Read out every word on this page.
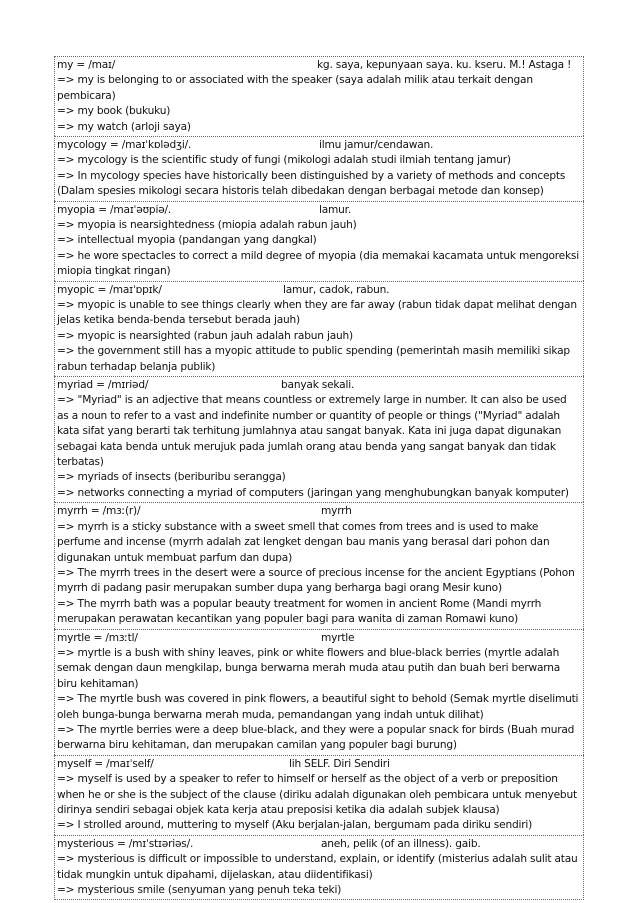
my = /maɪ/	kg. saya, kepunyaan saya. ku. kseru. M.! Astaga !
=> my is belonging to or associated with the speaker (saya adalah milik atau terkait dengan pembicara)
=> my book (bukuku)
=> my watch (arloji saya)
mycology = /maɪˈkɒlədʒi/.	ilmu jamur/cendawan.
=> mycology is the scientific study of fungi (mikologi adalah studi ilmiah tentang jamur)
=> In mycology species have historically been distinguished by a variety of methods and concepts (Dalam spesies mikologi secara historis telah dibedakan dengan berbagai metode dan konsep)
myopia = /maɪˈəʊpiə/.	lamur.
=> myopia is nearsightedness (miopia adalah rabun jauh)
=> intellectual myopia (pandangan yang dangkal)
=> he wore spectacles to correct a mild degree of myopia (dia memakai kacamata untuk mengoreksi miopia tingkat ringan)
myopic = /maɪˈɒpɪk/	lamur, cadok, rabun.
=> myopic is unable to see things clearly when they are far away (rabun tidak dapat melihat dengan jelas ketika benda-benda tersebut berada jauh)
=> myopic is nearsighted (rabun jauh adalah rabun jauh)
=> the government still has a myopic attitude to public spending (pemerintah masih memiliki sikap rabun terhadap belanja publik)
myriad = /mɪriəd/	banyak sekali.
=> "Myriad" is an adjective that means countless or extremely large in number. It can also be used as a noun to refer to a vast and indefinite number or quantity of people or things ("Myriad" adalah kata sifat yang berarti tak terhitung jumlahnya atau sangat banyak. Kata ini juga dapat digunakan sebagai kata benda untuk merujuk pada jumlah orang atau benda yang sangat banyak dan tidak terbatas)
=> myriads of insects (beriburibu serangga)
=> networks connecting a myriad of computers (jaringan yang menghubungkan banyak komputer)
myrrh = /mɜː(r)/	myrrh
=> myrrh is a sticky substance with a sweet smell that comes from trees and is used to make perfume and incense (myrrh adalah zat lengket dengan bau manis yang berasal dari pohon dan digunakan untuk membuat parfum dan dupa)
=> The myrrh trees in the desert were a source of precious incense for the ancient Egyptians (Pohon myrrh di padang pasir merupakan sumber dupa yang berharga bagi orang Mesir kuno)
=> The myrrh bath was a popular beauty treatment for women in ancient Rome (Mandi myrrh merupakan perawatan kecantikan yang populer bagi para wanita di zaman Romawi kuno)
myrtle = /mɜːtl/	myrtle
=> myrtle is a bush with shiny leaves, pink or white flowers and blue-black berries (myrtle adalah semak dengan daun mengkilap, bunga berwarna merah muda atau putih dan buah beri berwarna biru kehitaman)
=> The myrtle bush was covered in pink flowers, a beautiful sight to behold (Semak myrtle diselimuti oleh bunga-bunga berwarna merah muda, pemandangan yang indah untuk dilihat)
=> The myrtle berries were a deep blue-black, and they were a popular snack for birds (Buah murad berwarna biru kehitaman, dan merupakan camilan yang populer bagi burung)
myself = /maɪˈself/	lih SELF. Diri Sendiri
=> myself is used by a speaker to refer to himself or herself as the object of a verb or preposition when he or she is the subject of the clause (diriku adalah digunakan oleh pembicara untuk menyebut dirinya sendiri sebagai objek kata kerja atau preposisi ketika dia adalah subjek klausa)
=> I strolled around, muttering to myself (Aku berjalan-jalan, bergumam pada diriku sendiri)
mysterious = /mɪˈstɪəriəs/.	aneh, pelik (of an illness). gaib.
=> mysterious is difficult or impossible to understand, explain, or identify (misterius adalah sulit atau tidak mungkin untuk dipahami, dijelaskan, atau diidentifikasi)
=> mysterious smile (senyuman yang penuh teka teki)
